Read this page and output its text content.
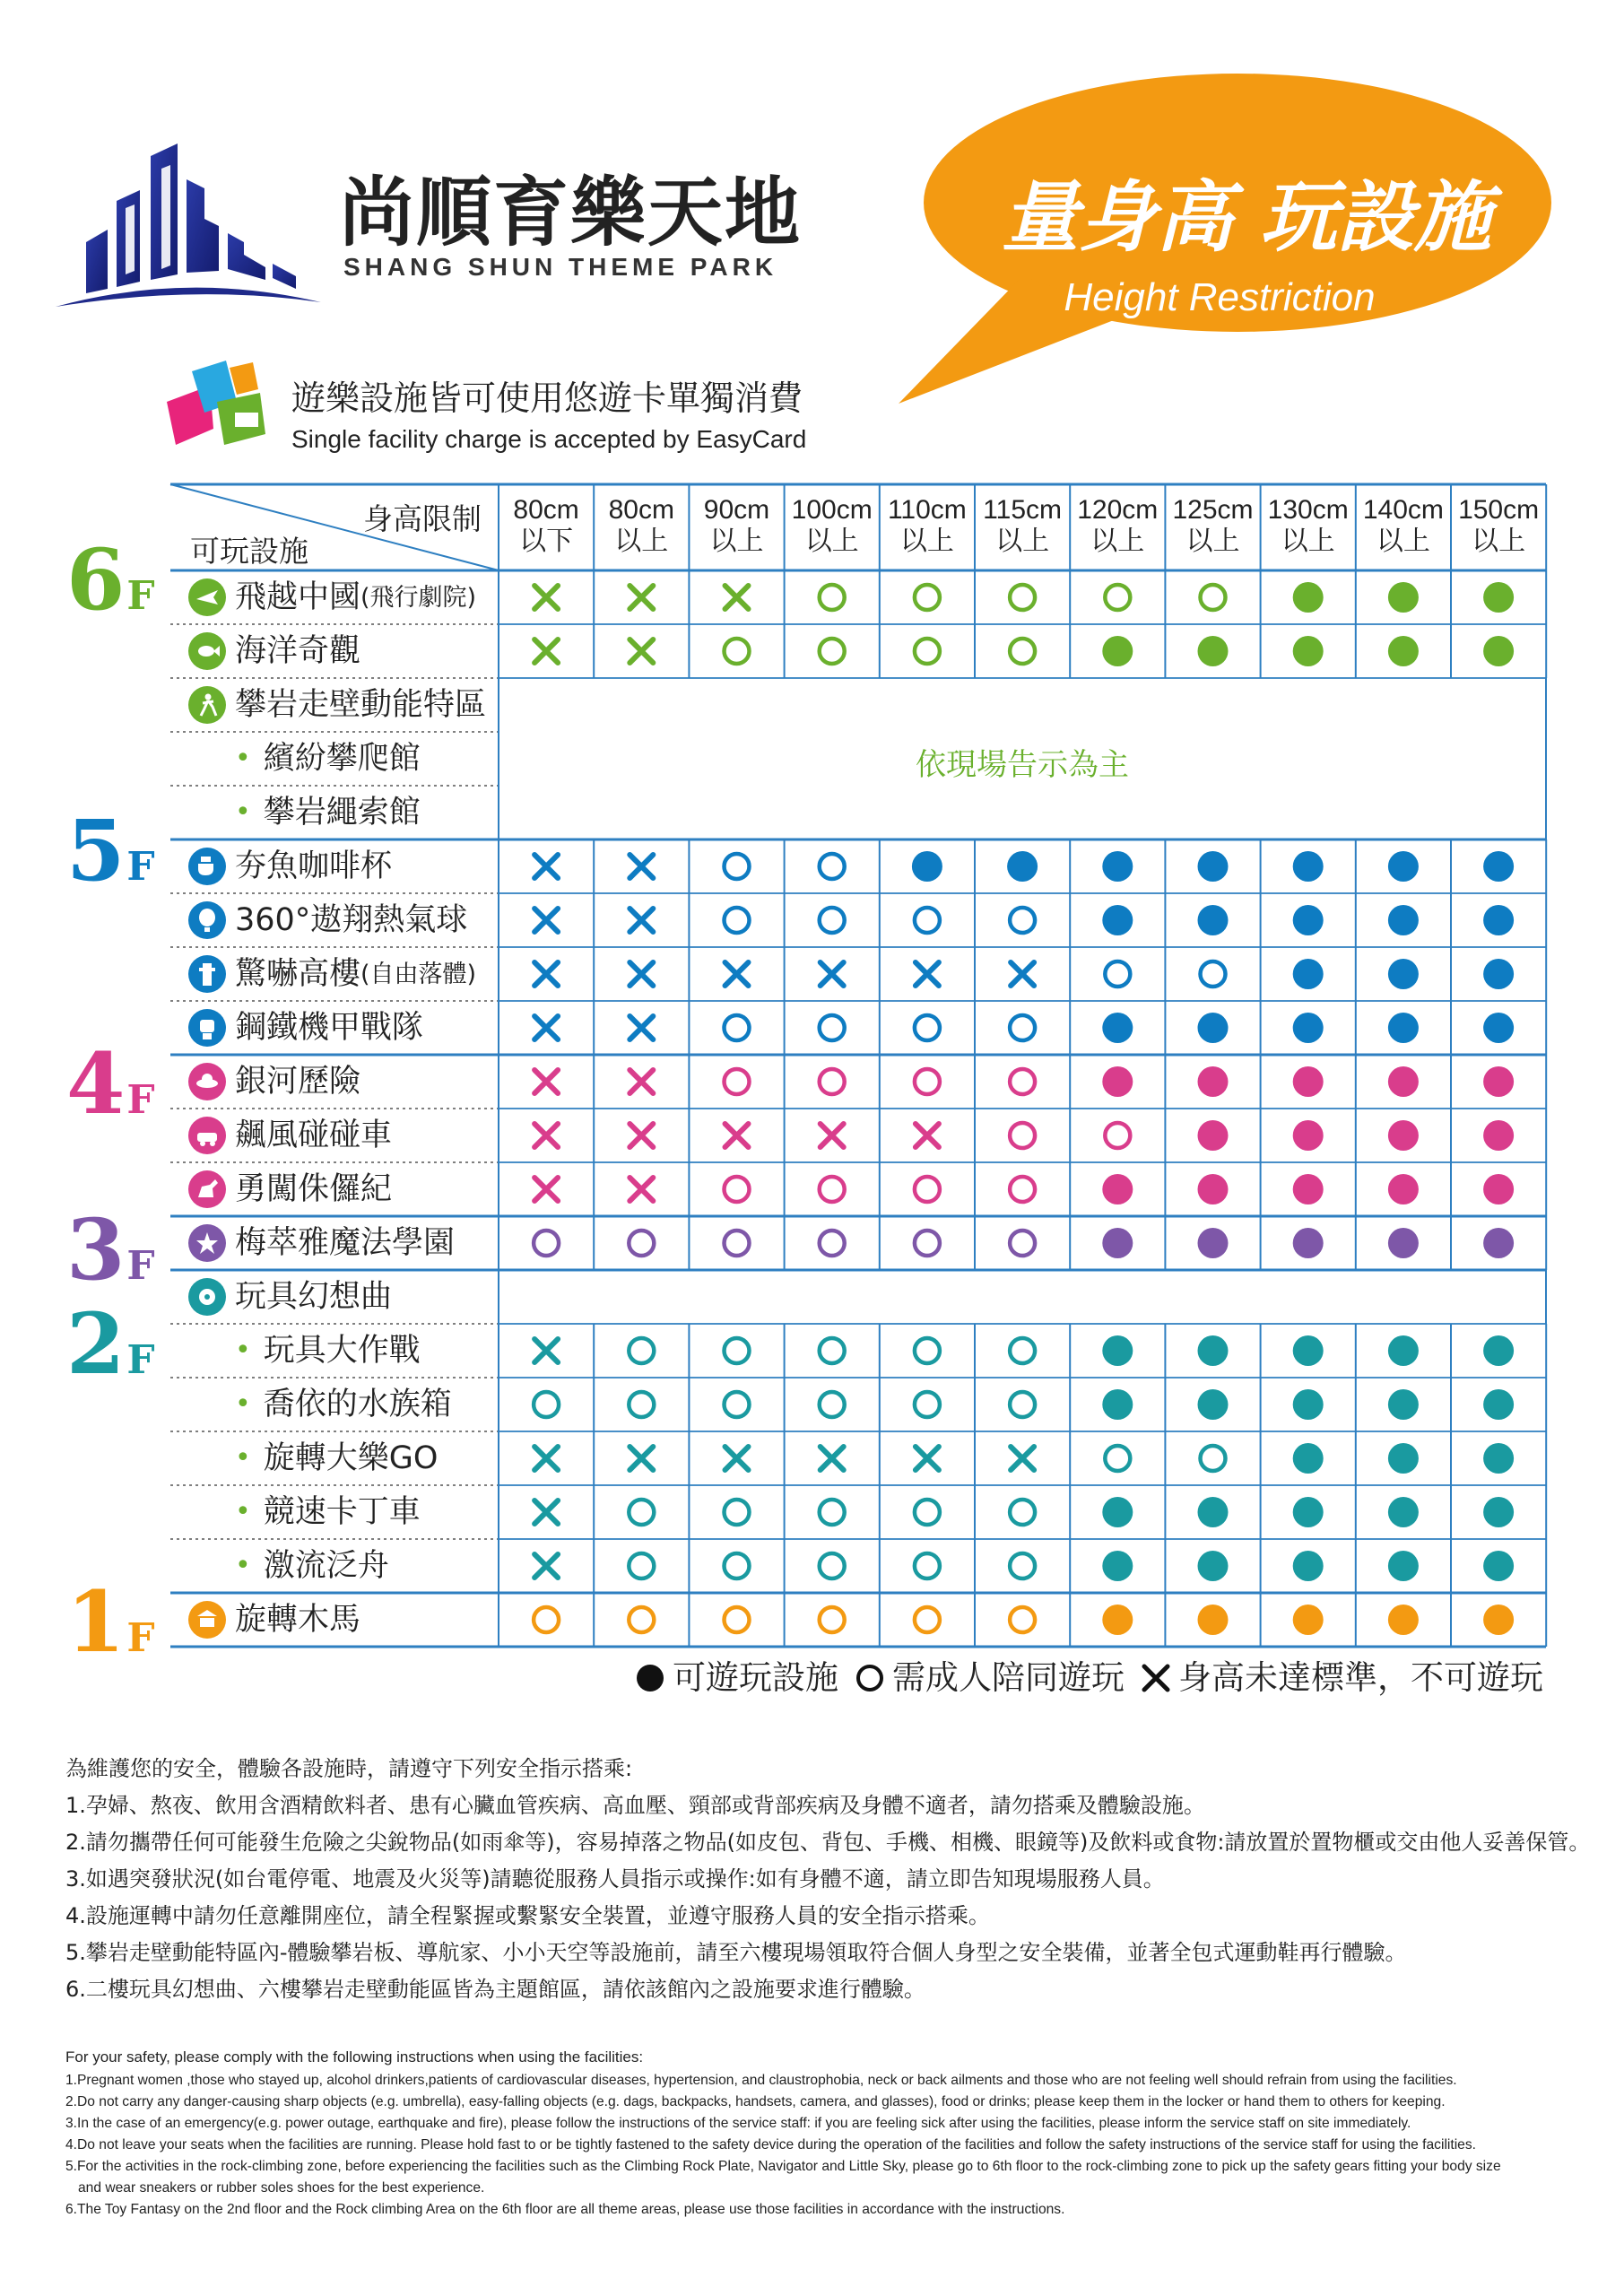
尚順育樂天地
SHANG SHUN THEME PARK
量身高 玩設施
Height Restriction
遊樂設施皆可使用悠遊卡單獨消費
Single facility charge is accepted by EasyCard
6F
5F
4F
3F
2F
1F
身高限制
可玩設施
80cm
以下
80cm
以上
90cm
以上
100cm
以上
110cm
以上
115cm
以上
120cm
以上
125cm
以上
130cm
以上
140cm
以上
150cm
以上
飛越中國 (飛行劇院)
海洋奇觀
攀岩走壁動能特區
• 繽紛攀爬館
• 攀岩繩索館
夯魚咖啡杯
360°遨翔熱氣球
驚嚇高樓 (自由落體)
鋼鐵機甲戰隊
銀河歷險
飆風碰碰車
勇闖侏儸紀
梅萃雅魔法學園
玩具幻想曲
• 玩具大作戰
• 喬依的水族箱
• 旋轉大樂GO
• 競速卡丁車
• 激流泛舟
旋轉木馬
依現場告示為主
可遊玩設施 需成人陪同遊玩 身高未達標準，不可遊玩
為維護您的安全，體驗各設施時，請遵守下列安全指示搭乘:
1.孕婦、熬夜、飲用含酒精飲料者、患有心臟血管疾病、高血壓、頸部或背部疾病及身體不適者，請勿搭乘及體驗設施。
2.請勿攜帶任何可能發生危險之尖銳物品(如雨傘等)，容易掉落之物品(如皮包、背包、手機、相機、眼鏡等)及飲料或食物:請放置於置物櫃或交由他人妥善保管。
3.如遇突發狀況(如台電停電、地震及火災等)請聽從服務人員指示或操作:如有身體不適，請立即告知現場服務人員。
4.設施運轉中請勿任意離開座位，請全程緊握或繫緊安全裝置，並遵守服務人員的安全指示搭乘。
5.攀岩走壁動能特區內-體驗攀岩板、導航家、小小天空等設施前，請至六樓現場領取符合個人身型之安全裝備，並著全包式運動鞋再行體驗。
6.二樓玩具幻想曲、六樓攀岩走壁動能區皆為主題館區，請依該館內之設施要求進行體驗。
For your safety, please comply with the following instructions when using the facilities:
1.Pregnant women ,those who stayed up, alcohol drinkers,patients of cardiovascular diseases, hypertension, and claustrophobia, neck or back ailments and those who are not feeling well should refrain from using the facilities.
2.Do not carry any danger-causing sharp objects (e.g. umbrella), easy-falling objects (e.g. dags, backpacks, handsets, camera, and glasses), food or drinks; please keep them in the locker or hand them to others for keeping.
3.In the case of an emergency(e.g. power outage, earthquake and fire), please follow the instructions of the service staff: if you are feeling sick after using the facilities, please inform the service staff on site immediately.
4.Do not leave your seats when the facilities are running. Please hold fast to or be tightly fastened to the safety device during the operation of the facilities and follow the safety instructions of the service staff for using the facilities.
5.For the activities in the rock-climbing zone, before experiencing the facilities such as the Climbing Rock Plate, Navigator and Little Sky, please go to 6th floor to the rock-climbing zone to pick up the safety gears fitting your body size
and wear sneakers or rubber soles shoes for the best experience.
6.The Toy Fantasy on the 2nd floor and the Rock climbing Area on the 6th floor are all theme areas, please use those facilities in accordance with the instructions.
